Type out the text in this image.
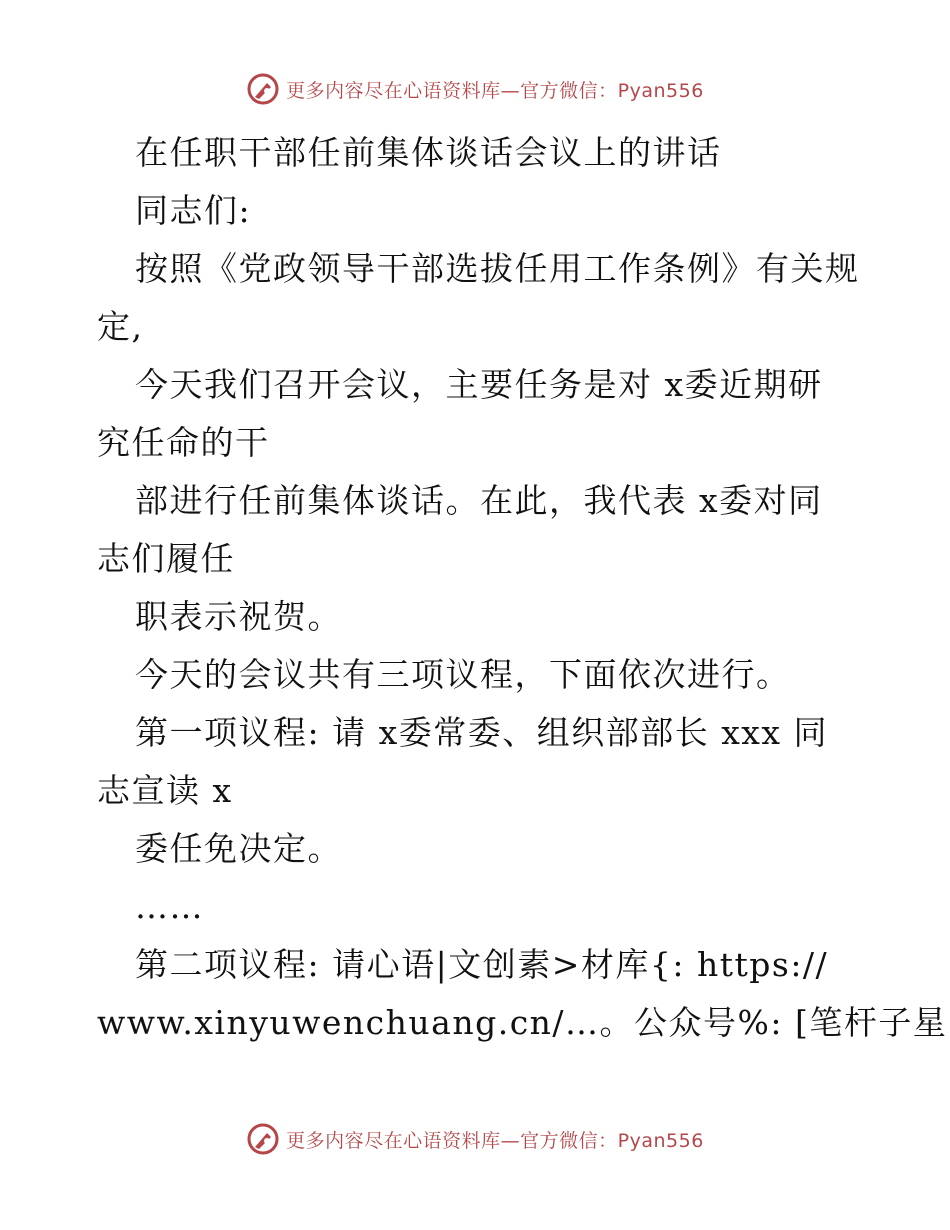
更多内容尽在心语资料库—官方微信：Pyan556
在任职干部任前集体谈话会议上的讲话
同志们:
按照《党政领导干部选拔任用工作条例》有关规
定,
今天我们召开会议，主要任务是对 x委近期研
究任命的干
部进行任前集体谈话。在此，我代表 x委对同
志们履任
职表示祝贺。
今天的会议共有三项议程，下面依次进行。
第一项议程: 请 x委常委、组织部部长 xxx 同
志宣读 x
委任免决定。
……
第二项议程: 请心语|文创素>材库{: https://
www.xinyuwenchuang.cn/…。公众号%: [笔杆子星
更多内容尽在心语资料库—官方微信：Pyan556
